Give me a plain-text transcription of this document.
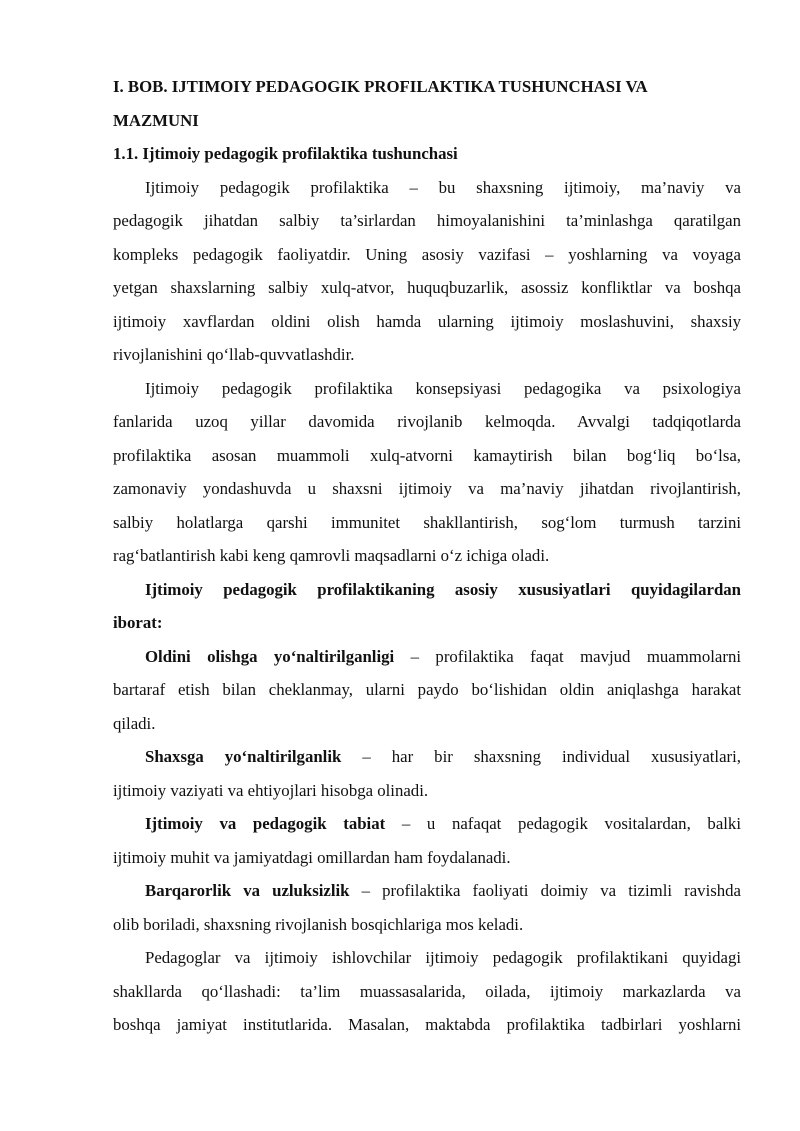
I. BOB. IJTIMOIY PEDAGOGIK PROFILAKTIKA TUSHUNCHASI VA
MAZMUNI
1.1. Ijtimoiy pedagogik profilaktika tushunchasi
Ijtimoiy pedagogik profilaktika – bu shaxsning ijtimoiy, ma’naviy va
pedagogik jihatdan salbiy ta’sirlardan himoyalanishini ta’minlashga qaratilgan
kompleks pedagogik faoliyatdir. Uning asosiy vazifasi – yoshlarning va voyaga
yetgan shaxslarning salbiy xulq-atvor, huquqbuzarlik, asossiz konfliktlar va boshqa
ijtimoiy xavflardan oldini olish hamda ularning ijtimoiy moslashuvini, shaxsiy
rivojlanishini qo‘llab-quvvatlashdir.
Ijtimoiy pedagogik profilaktika konsepsiyasi pedagogika va psixologiya
fanlarida uzoq yillar davomida rivojlanib kelmoqda. Avvalgi tadqiqotlarda
profilaktika asosan muammoli xulq-atvorni kamaytirish bilan bog‘liq bo‘lsa,
zamonaviy yondashuvda u shaxsni ijtimoiy va ma’naviy jihatdan rivojlantirish,
salbiy holatlarga qarshi immunitet shakllantirish, sog‘lom turmush tarzini
rag‘batlantirish kabi keng qamrovli maqsadlarni o‘z ichiga oladi.
Ijtimoiy pedagogik profilaktikaning asosiy xususiyatlari quyidagilardan
iborat:
Oldini olishga yo‘naltirilganligi – profilaktika faqat mavjud muammolarni
bartaraf etish bilan cheklanmay, ularni paydo bo‘lishidan oldin aniqlashga harakat
qiladi.
Shaxsga yo‘naltirilganlik – har bir shaxsning individual xususiyatlari,
ijtimoiy vaziyati va ehtiyojlari hisobga olinadi.
Ijtimoiy va pedagogik tabiat – u nafaqat pedagogik vositalardan, balki
ijtimoiy muhit va jamiyatdagi omillardan ham foydalanadi.
Barqarorlik va uzluksizlik – profilaktika faoliyati doimiy va tizimli ravishda
olib boriladi, shaxsning rivojlanish bosqichlariga mos keladi.
Pedagoglar va ijtimoiy ishlovchilar ijtimoiy pedagogik profilaktikani quyidagi
shakllarda qo‘llashadi: ta’lim muassasalarida, oilada, ijtimoiy markazlarda va
boshqa jamiyat institutlarida. Masalan, maktabda profilaktika tadbirlari yoshlarni
